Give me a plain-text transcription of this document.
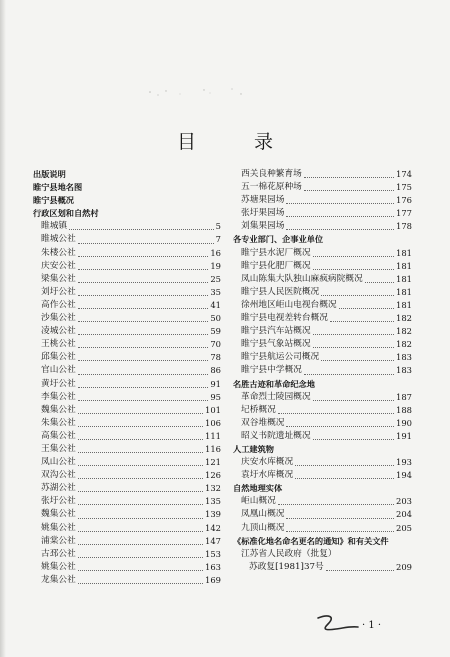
目 录
出版说明
睢宁县地名图
睢宁县概况
行政区划和自然村
睢城镇	5
睢城公社	7
朱楼公社	16
庆安公社	19
梁集公社	25
刘圩公社	35
高作公社	41
沙集公社	50
凌城公社	59
王桃公社	70
邱集公社	78
官山公社	86
黄圩公社	91
李集公社	95
魏集公社	101
朱集公社	106
高集公社	111
王集公社	116
凤山公社	121
双沟公社	126
苏湖公社	132
张圩公社	135
魏集公社	139
姚集公社	142
浦棠公社	147
古邳公社	153
姚集公社	163
龙集公社	169
西关良种繁育场	174
五一棉花原种场	175
苏塘果园场	176
张圩果园场	177
刘集果园场	178
各专业部门、企事业单位
睢宁县水泥厂概况	181
睢宁县化肥厂概况	181
凤山陈集大队独山麻疯病院概况	181
睢宁县人民医院概况	181
徐州地区岠山电视台概况	181
睢宁县电视差转台概况	182
睢宁县汽车站概况	182
睢宁县气象站概况	182
睢宁县航运公司概况	183
睢宁县中学概况	183
名胜古迹和革命纪念地
革命烈士陵园概况	187
圮桥概况	188
双谷堆概况	190
昭义书院遗址概况	191
人工建筑物
庆安水库概况	193
袁圩水库概况	194
自然地理实体
岠山概况	203
凤凰山概况	204
九顶山概况	205
《标准化地名命名更名的通知》和有关文件
江苏省人民政府（批复）
苏政复[1981]37号	209
· 1 ·
